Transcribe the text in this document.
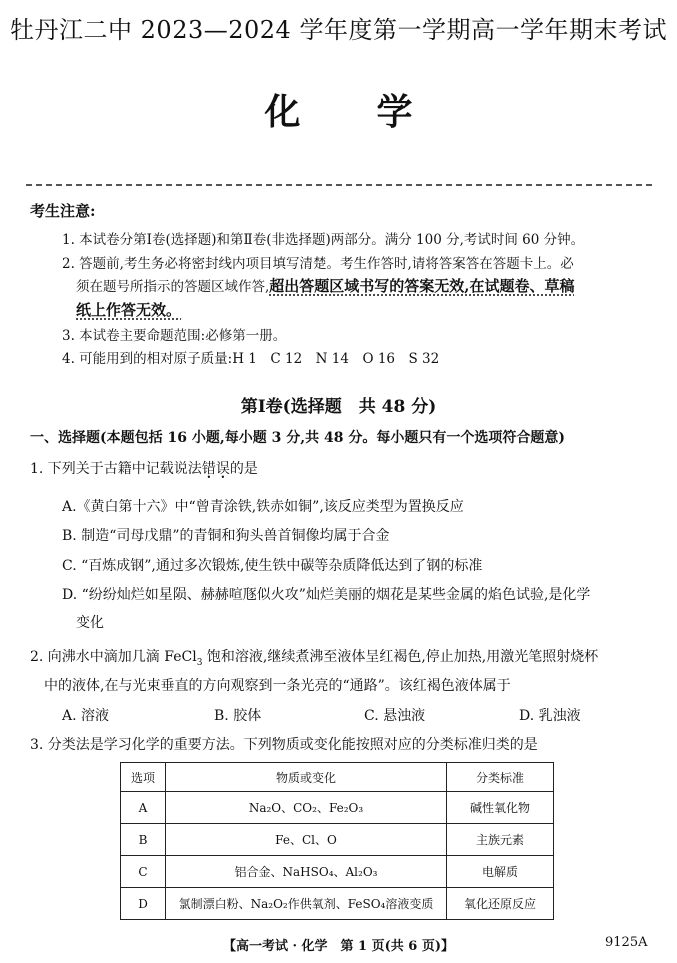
牡丹江二中 2023—2024 学年度第一学期高一学年期末考试
化 学
考生注意:
1. 本试卷分第Ⅰ卷(选择题)和第Ⅱ卷(非选择题)两部分。满分 100 分,考试时间 60 分钟。
2. 答题前,考生务必将密封线内项目填写清楚。考生作答时,请将答案答在答题卡上。必
须在题号所指示的答题区域作答,超出答题区域书写的答案无效,在试题卷、草稿
纸上作答无效。
3. 本试卷主要命题范围:必修第一册。
4. 可能用到的相对原子质量:H 1　C 12　N 14　O 16　S 32
第Ⅰ卷(选择题　共 48 分)
一、选择题(本题包括 16 小题,每小题 3 分,共 48 分。每小题只有一个选项符合题意)
1. 下列关于古籍中记载说法错误的是
A.《黄白第十六》中“曾青涂铁,铁赤如铜”,该反应类型为置换反应
B. 制造“司母戊鼎”的青铜和狗头兽首铜像均属于合金
C. “百炼成钢”,通过多次锻炼,使生铁中碳等杂质降低达到了钢的标准
D. “纷纷灿烂如星陨、赫赫喧豗似火攻”灿烂美丽的烟花是某些金属的焰色试验,是化学
变化
2. 向沸水中滴加几滴 FeCl$_3$ 饱和溶液,继续煮沸至液体呈红褐色,停止加热,用激光笔照射烧杯
中的液体,在与光束垂直的方向观察到一条光亮的“通路”。该红褐色液体属于
A. 溶液	B. 胶体	C. 悬浊液	D. 乳浊液
3. 分类法是学习化学的重要方法。下列物质或变化能按照对应的分类标准归类的是
选项	物质或变化	分类标准
A	Na₂O、CO₂、Fe₂O₃	碱性氧化物
B	Fe、Cl、O	主族元素
C	铝合金、NaHSO₄、Al₂O₃	电解质
D	氯制漂白粉、Na₂O₂作供氧剂、FeSO₄溶液变质	氧化还原反应
【高一考试 · 化学　第 1 页(共 6 页)】	9125A
